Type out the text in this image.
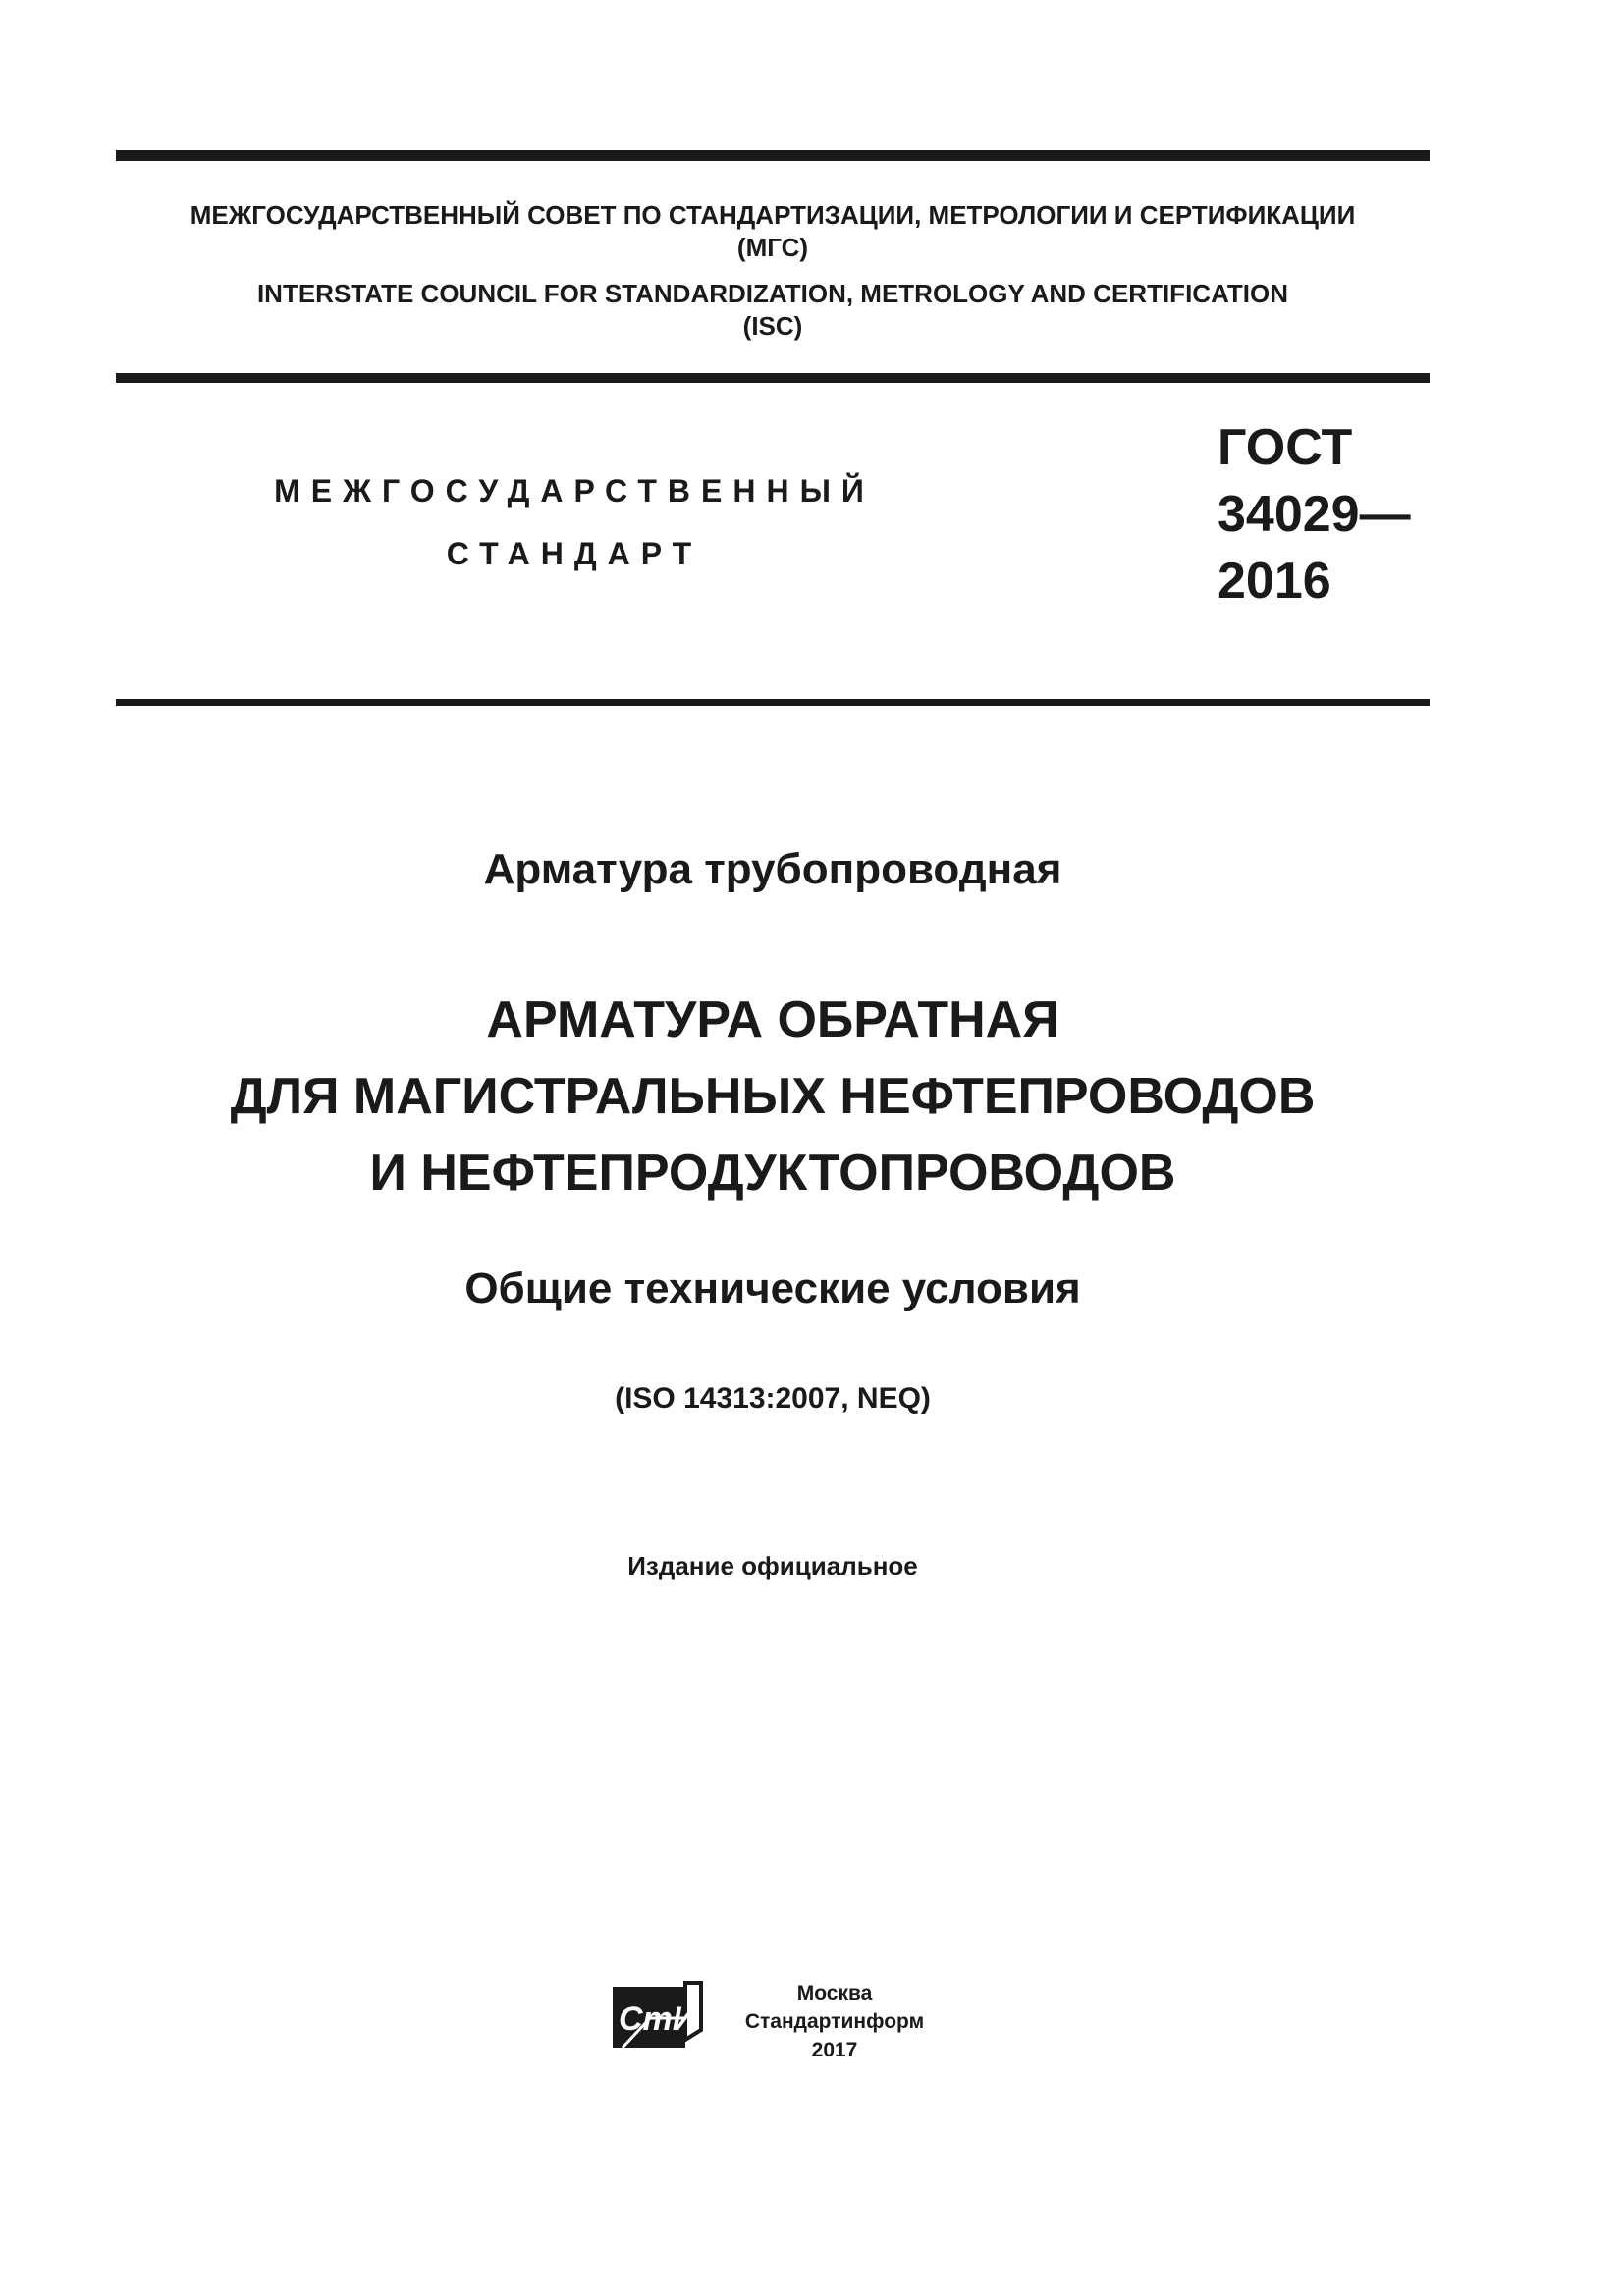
МЕЖГОСУДАРСТВЕННЫЙ СОВЕТ ПО СТАНДАРТИЗАЦИИ, МЕТРОЛОГИИ И СЕРТИФИКАЦИИ
(МГС)
INTERSTATE COUNCIL FOR STANDARDIZATION, METROLOGY AND CERTIFICATION
(ISC)
МЕЖГОСУДАРСТВЕННЫЙ
СТАНДАРТ
ГОСТ
34029—
2016
Арматура трубопроводная
АРМАТУРА ОБРАТНАЯ
ДЛЯ МАГИСТРАЛЬНЫХ НЕФТЕПРОВОДОВ
И НЕФТЕПРОДУКТОПРОВОДОВ
Общие технические условия
(ISO 14313:2007, NEQ)
Издание официальное
СтИ
Москва
Стандартинформ
2017
